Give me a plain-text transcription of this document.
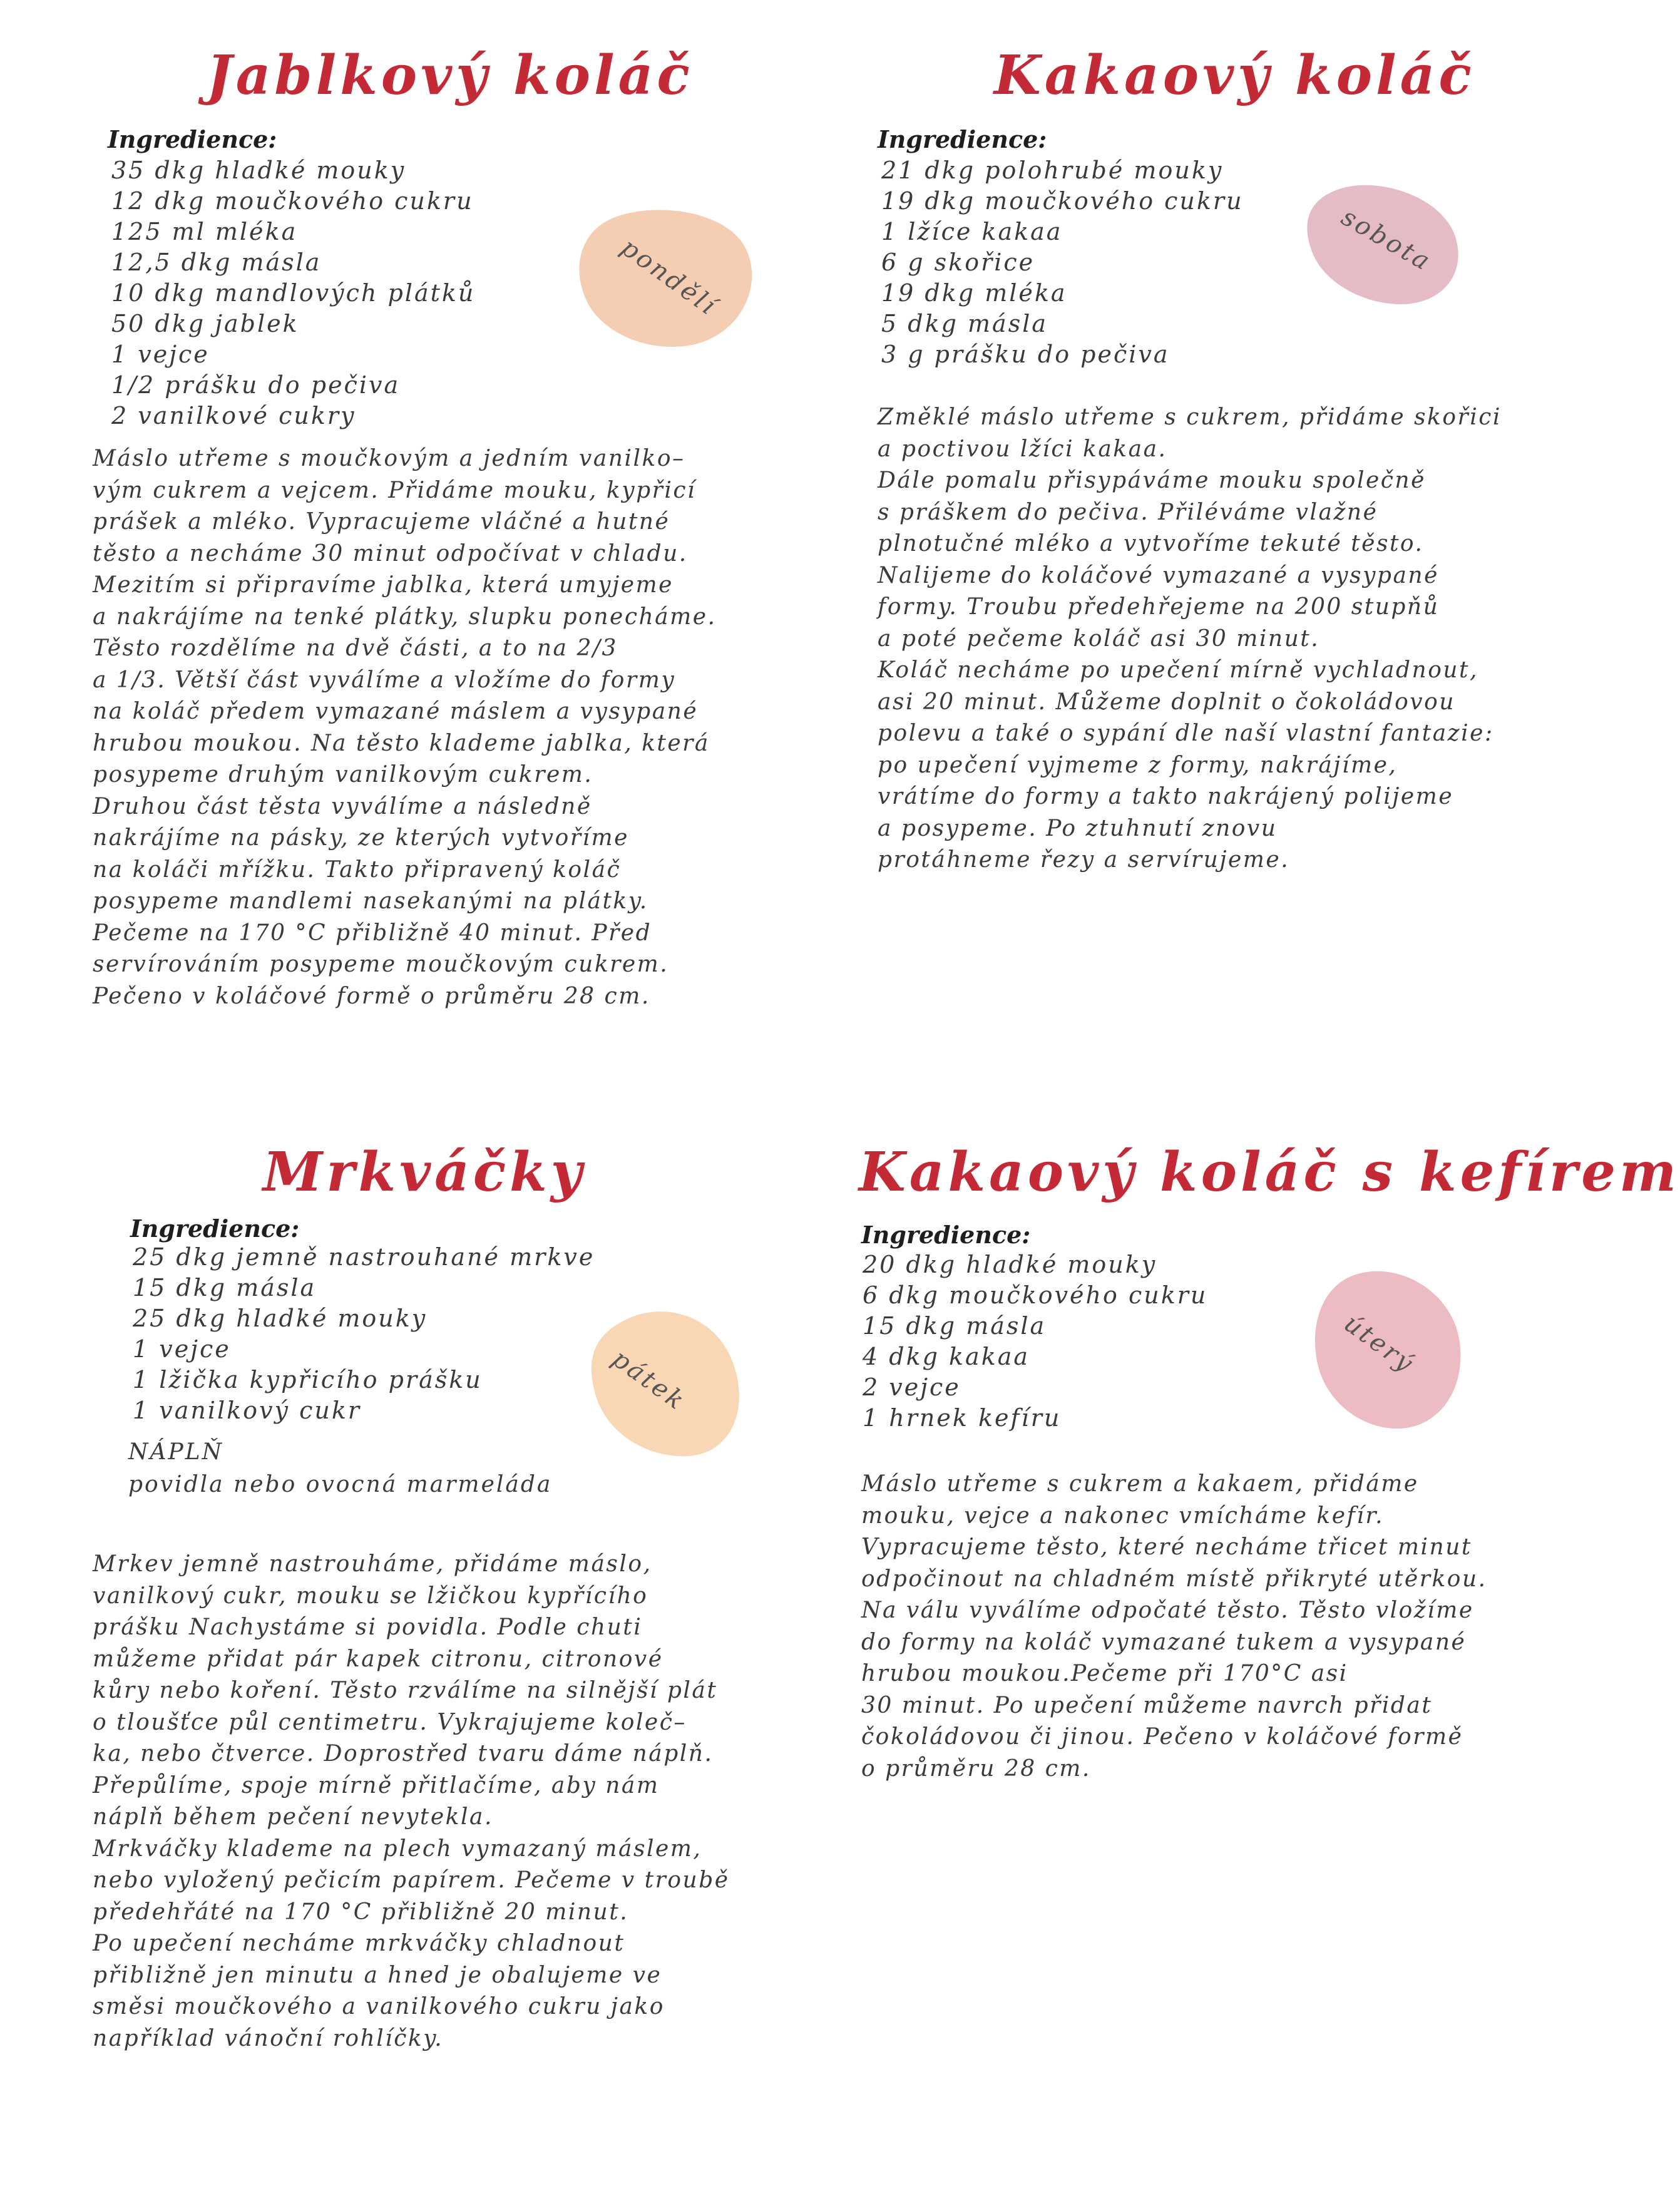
Jablkový koláč
Ingredience:
35 dkg hladké mouky
12 dkg moučkového cukru
125 ml mléka
12,5 dkg másla
10 dkg mandlových plátků
50 dkg jablek
1 vejce
1/2 prášku do pečiva
2 vanilkové cukry
pondělí
Máslo utřeme s moučkovým a jedním vanilko–
vým cukrem a vejcem. Přidáme mouku, kypřicí
prášek a mléko. Vypracujeme vláčné a hutné
těsto a necháme 30 minut odpočívat v chladu.
Mezitím si připravíme jablka, která umyjeme
a nakrájíme na tenké plátky, slupku ponecháme.
Těsto rozdělíme na dvě části, a to na 2/3
a 1/3. Větší část vyválíme a vložíme do formy
na koláč předem vymazané máslem a vysypané
hrubou moukou. Na těsto klademe jablka, která
posypeme druhým vanilkovým cukrem.
Druhou část těsta vyválíme a následně
nakrájíme na pásky, ze kterých vytvoříme
na koláči mřížku. Takto připravený koláč
posypeme mandlemi nasekanými na plátky.
Pečeme na 170 °C přibližně 40 minut. Před
servírováním posypeme moučkovým cukrem.
Pečeno v koláčové formě o průměru 28 cm.
Kakaový koláč
Ingredience:
21 dkg polohrubé mouky
19 dkg moučkového cukru
1 lžíce kakaa
6 g skořice
19 dkg mléka
5 dkg másla
3 g prášku do pečiva
sobota
Změklé máslo utřeme s cukrem, přidáme skořici
a poctivou lžíci kakaa.
Dále pomalu přisypáváme mouku společně
s práškem do pečiva. Přiléváme vlažné
plnotučné mléko a vytvoříme tekuté těsto.
Nalijeme do koláčové vymazané a vysypané
formy. Troubu předehřejeme na 200 stupňů
a poté pečeme koláč asi 30 minut.
Koláč necháme po upečení mírně vychladnout,
asi 20 minut. Můžeme doplnit o čokoládovou
polevu a také o sypání dle naší vlastní fantazie:
po upečení vyjmeme z formy, nakrájíme,
vrátíme do formy a takto nakrájený polijeme
a posypeme. Po ztuhnutí znovu
protáhneme řezy a servírujeme.
Mrkváčky
Ingredience:
25 dkg jemně nastrouhané mrkve
15 dkg másla
25 dkg hladké mouky
1 vejce
1 lžička kypřicího prášku
1 vanilkový cukr
NÁPLŇ
povidla nebo ovocná marmeláda
pátek
Mrkev jemně nastrouháme, přidáme máslo,
vanilkový cukr, mouku se lžičkou kypřícího
prášku Nachystáme si povidla. Podle chuti
můžeme přidat pár kapek citronu, citronové
kůry nebo koření. Těsto rzválíme na silnější plát
o tloušťce půl centimetru. Vykrajujeme koleč–
ka, nebo čtverce. Doprostřed tvaru dáme náplň.
Přepůlíme, spoje mírně přitlačíme, aby nám
náplň během pečení nevytekla.
Mrkváčky klademe na plech vymazaný máslem,
nebo vyložený pečicím papírem. Pečeme v troubě
předehřáté na 170 °C přibližně 20 minut.
Po upečení necháme mrkváčky chladnout
přibližně jen minutu a hned je obalujeme ve
směsi moučkového a vanilkového cukru jako
například vánoční rohlíčky.
Kakaový koláč s kefírem
Ingredience:
20 dkg hladké mouky
6 dkg moučkového cukru
15 dkg másla
4 dkg kakaa
2 vejce
1 hrnek kefíru
úterý
Máslo utřeme s cukrem a kakaem, přidáme
mouku, vejce a nakonec vmícháme kefír.
Vypracujeme těsto, které necháme třicet minut
odpočinout na chladném místě přikryté utěrkou.
Na válu vyválíme odpočaté těsto. Těsto vložíme
do formy na koláč vymazané tukem a vysypané
hrubou moukou.Pečeme při 170°C asi
30 minut. Po upečení můžeme navrch přidat
čokoládovou či jinou. Pečeno v koláčové formě
o průměru 28 cm.
